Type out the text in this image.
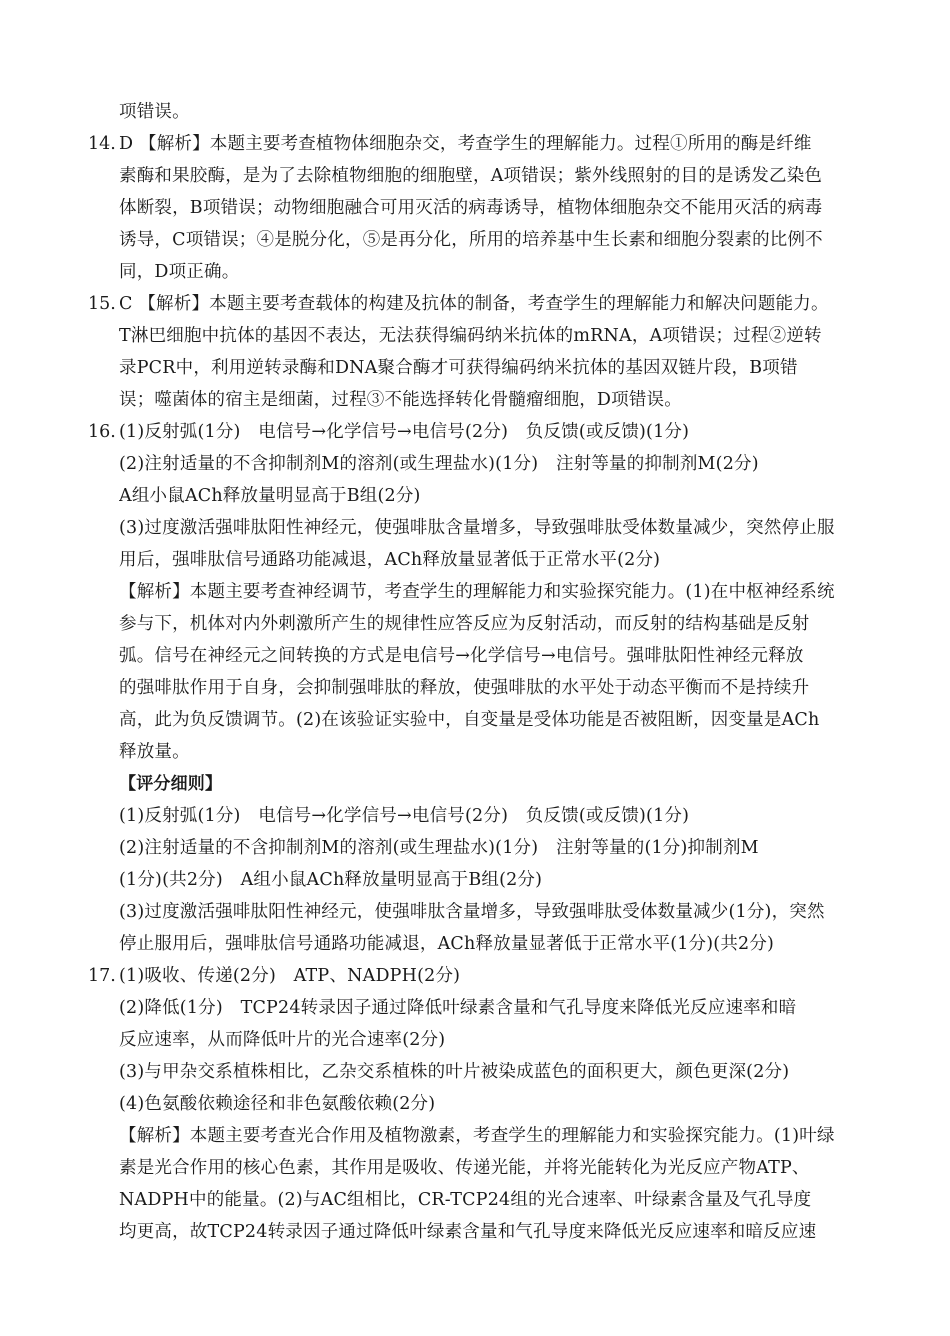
14.
15.
16.
17.
项错误。
D 【解析】本题主要考查植物体细胞杂交，考查学生的理解能力。过程①所用的酶是纤维
素酶和果胶酶，是为了去除植物细胞的细胞壁，A项错误；紫外线照射的目的是诱发乙染色
体断裂，B项错误；动物细胞融合可用灭活的病毒诱导，植物体细胞杂交不能用灭活的病毒
诱导，C项错误；④是脱分化，⑤是再分化，所用的培养基中生长素和细胞分裂素的比例不
同，D项正确。
C 【解析】本题主要考查载体的构建及抗体的制备，考查学生的理解能力和解决问题能力。
T淋巴细胞中抗体的基因不表达，无法获得编码纳米抗体的mRNA，A项错误；过程②逆转
录PCR中，利用逆转录酶和DNA聚合酶才可获得编码纳米抗体的基因双链片段，B项错
误；噬菌体的宿主是细菌，过程③不能选择转化骨髓瘤细胞，D项错误。
(1)反射弧(1分)　电信号→化学信号→电信号(2分)　负反馈(或反馈)(1分)
(2)注射适量的不含抑制剂M的溶剂(或生理盐水)(1分)　注射等量的抑制剂M(2分)
A组小鼠ACh释放量明显高于B组(2分)
(3)过度激活强啡肽阳性神经元，使强啡肽含量增多，导致强啡肽受体数量减少，突然停止服
用后，强啡肽信号通路功能减退，ACh释放量显著低于正常水平(2分)
【解析】本题主要考查神经调节，考查学生的理解能力和实验探究能力。(1)在中枢神经系统
参与下，机体对内外刺激所产生的规律性应答反应为反射活动，而反射的结构基础是反射
弧。信号在神经元之间转换的方式是电信号→化学信号→电信号。强啡肽阳性神经元释放
的强啡肽作用于自身，会抑制强啡肽的释放，使强啡肽的水平处于动态平衡而不是持续升
高，此为负反馈调节。(2)在该验证实验中，自变量是受体功能是否被阻断，因变量是ACh
释放量。
【评分细则】
(1)反射弧(1分)　电信号→化学信号→电信号(2分)　负反馈(或反馈)(1分)
(2)注射适量的不含抑制剂M的溶剂(或生理盐水)(1分)　注射等量的(1分)抑制剂M
(1分)(共2分)　A组小鼠ACh释放量明显高于B组(2分)
(3)过度激活强啡肽阳性神经元，使强啡肽含量增多，导致强啡肽受体数量减少(1分)，突然
停止服用后，强啡肽信号通路功能减退，ACh释放量显著低于正常水平(1分)(共2分)
(1)吸收、传递(2分)　ATP、NADPH(2分)
(2)降低(1分)　TCP24转录因子通过降低叶绿素含量和气孔导度来降低光反应速率和暗
反应速率，从而降低叶片的光合速率(2分)
(3)与甲杂交系植株相比，乙杂交系植株的叶片被染成蓝色的面积更大，颜色更深(2分)
(4)色氨酸依赖途径和非色氨酸依赖(2分)
【解析】本题主要考查光合作用及植物激素，考查学生的理解能力和实验探究能力。(1)叶绿
素是光合作用的核心色素，其作用是吸收、传递光能，并将光能转化为光反应产物ATP、
NADPH中的能量。(2)与AC组相比，CR-TCP24组的光合速率、叶绿素含量及气孔导度
均更高，故TCP24转录因子通过降低叶绿素含量和气孔导度来降低光反应速率和暗反应速
